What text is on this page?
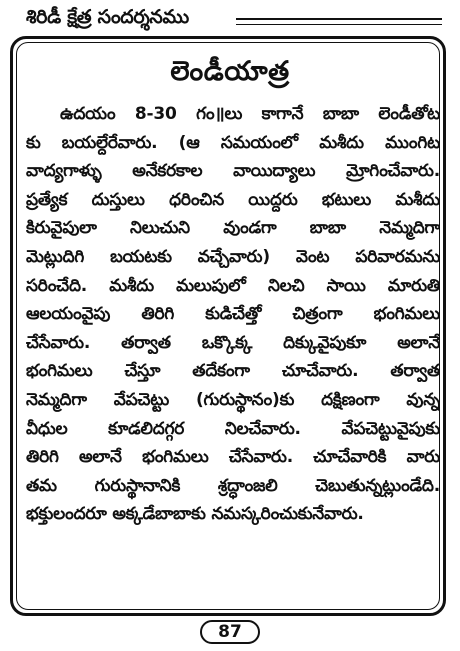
శిరిడీ క్షేత్ర సందర్శనము
లెండీయాత్ర
ఉదయం 8-30 గం॥లు కాగానే బాబా లెండీతోట
కు బయల్దేరేవారు. (ఆ సమయంలో మశీదు ముంగిట
వాద్యగాళ్ళు అనేకరకాల వాయిద్యాలు మ్రోగించేవారు.
ప్రత్యేక దుస్తులు ధరించిన యిద్దరు భటులు మశీదు
కిరువైపులా నిలుచుని వుండగా బాబా నెమ్మదిగా
మెట్లుదిగి బయటకు వచ్చేవారు) వెంట పరివారమను
సరించేది. మశీదు మలుపులో నిలచి సాయి మారుతి
ఆలయంవైపు తిరిగి కుడిచేత్తో చిత్రంగా భంగిమలు
చేసేవారు. తర్వాత ఒక్కొక్క దిక్కువైపుకూ అలానే
భంగిమలు చేస్తూ తదేకంగా చూచేవారు. తర్వాత
నెమ్మదిగా వేపచెట్టు (గురుస్థానం)కు దక్షిణంగా వున్న
వీధుల కూడలిదగ్గర నిలచేవారు. వేపచెట్టువైపుకు
తిరిగి అలానే భంగిమలు చేసేవారు. చూచేవారికి వారు
తమ గురుస్థానానికి శ్రద్ధాంజలి చెబుతున్నట్లుండేది.
భక్తులందరూ అక్కడేబాబాకు నమస్కరించుకునేవారు.
87
